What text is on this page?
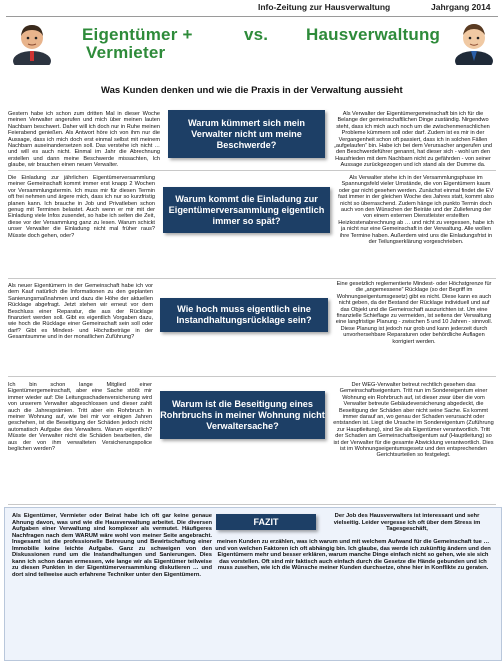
Info-Zeitung zur Hausverwaltung	Jahrgang 2014
Eigentümer +
Vermieter
vs. Hausverwaltung
Was Kunden denken und wie die Praxis in der Verwaltung aussieht
Gestern habe ich schon zum dritten Mal in dieser Woche meinen Verwalter angerufen und mich über meinen lauten Nachbarn beschwert. Daher will ich doch nur in Ruhe meinen Feierabend genießen. Als Antwort höre ich von ihm nur die Aussage, dass ich mich doch erst einmal selbst mit meinem Nachbarn auseinandersetzen soll. Das verstehe ich nicht … und will es auch nicht. Einmal im Jahr die Abrechnung erstellen und dann meine Beschwerde missachten, Ich glaube, wir brauchen einen neuen Verwalter.
Warum kümmert sich mein Verwalter nicht um meine Beschwerde?
Als Verwalter der Eigentümergemeinschaft bin ich für die Belange der gemeinschaftlichen Dinge zuständig. Nirgendwo steht, dass ich mich auch noch um die zwischenmenschlichen Probleme kümmern soll oder darf. Zudem ist es mir in der Vergangenheit schon oft passiert, dass ich in solchen Fällen „aufgelaufen“ bin. Habe ich bei dem Verursacher angerufen und den Beschwerdeführer genannt, hat dieser sich - wohl um den Hausfrieden mit dem Nachbarn nicht zu gefährden - von seiner Aussage zurückgezogen und ich stand als der Dumme da.
Die Einladung zur jährlichen Eigentümerversammlung meiner Gemeinschaft kommt immer erst knapp 2 Wochen vor Versammlungstermin. Ich muss mir für diesen Termin oft frei nehmen und ärgere mich, dass ich nur so kurzfristig planen kann. Ich brauche in Job und Privatleben schon genug mit Terminen belastet. Auch wenn er mir mit der Einladung viele Infos zusendet, so habe ich selten die Zeit, diese vor der Versammlung ganz zu lesen. Warum schickt unser Verwalter die Einladung nicht mal früher raus? Müsste doch gehen, oder?
Warum kommt die Einladung zur Eigentümerversammlung eigentlich immer so spät?
Als Verwalter stehe ich in der Versammlungsphase im Spannungsfeld vieler Umstände, die von Eigentümern kaum oder gar nicht gesehen werden. Zunächst einmal findet die EV fast immer in der gleichen Woche des Jahres statt, kommt also nicht so überraschend. Zudem hänge ich punkto Termin doch auch von den Wünschen der Beiräte und der Zulieferung der von einem externen Dienstleister erstellten Heizkostenabrechnung ab … und nicht zu vergessen, habe ich ja nicht nur eine Gemeinschaft in der Verwaltung. Alle wollen ihre Termine haben. Außerdem wird uns die Einladungsfrist in der Teilungserklärung vorgeschrieben.
Als neuer Eigentümern in der Gemeinschaft habe ich vor dem Kauf natürlich die Informationen zu den geplanten Sanierungsmaßnahmen und dazu die Höhe der aktuellen Rücklage abgefragt. Jetzt stehen wir erneut vor dem Beschluss einer Reparatur, die aus der Rücklage finanziert werden soll. Gibt es eigentlich Vorgaben dazu, wie hoch die Rücklage einer Gemeinschaft sein soll oder darf? Gibt es Mindest- und Höchstbeträge in der Gesamtsumme und in der monatlichen Zuführung?
Wie hoch muss eigentlich eine Instandhaltungsrücklage sein?
Eine gesetzlich reglementierte Mindest- oder Höchstgrenze für die „angemessene“ Rücklage (so der Begriff im Wohnungseigentumsgesetz) gibt es nicht. Diese kann es auch nicht geben, da der Bestand der Rücklage individuell und auf das Objekt und die Gemeinschaft auszurichten ist. Um eine finanzielle Schieflage zu vermeiden, ist seitens der Verwaltung eine langfristige Planung - zwischen 5 und 10 Jahren - sinnvoll. Diese Planung ist jedoch nur grob und kann jederzeit durch unvorhersehbare Reparaturen oder behördliche Auflagen korrigiert werden.
Ich bin schon lange Mitglied einer Eigentümergemeinschaft, aber eine Sache stößt mir immer wieder auf: Die Leitungsschadenversicherung wird von unserem Verwalter abgeschlossen und dieser zahlt auch die Jahresprämien. Tritt aber ein Rohrbruch in meiner Wohnung auf, wie bei mir vor einigen Jahren geschehen, ist die Beseitigung der Schäden jedoch nicht automatisch Aufgabe des Verwalters. Warum eigentlich? Müsste der Verwalter nicht die Schäden bearbeiten, die aus der von ihm verwalteten Versicherungspolice beglichen werden?
Warum ist die Beseitigung eines Rohrbruchs in meiner Wohnung nicht Verwaltersache?
Der WEG-Verwalter betreut rechtlich gesehen das Gemeinschaftseigentum. Tritt nun im Sondereigentum einer Wohnung ein Rohrbruch auf, ist dieser zwar über die vom Verwalter betreute Gebäudeversicherung abgedeckt, die Beseitigung der Schäden aber nicht seine Sache. Es kommt immer darauf an, wo genau der Schaden verursacht oder entstanden ist. Liegt die Ursache im Sondereigentum (Zuführung zur Hauptleitung), sind Sie als Eigentümer verantwortlich. Tritt der Schaden am Gemeinschaftseigentum auf (Hauptleitung) so ist der Verwalter für die gesamte Abwicklung verantwortlich. Dies ist im Wohnungseigentumsgesetz und den entsprechenden Gerichtsurteilen so festgelegt.
Als Eigentümer, Vermieter oder Beirat habe ich oft gar keine genaue Ahnung davon, was und wie die Hausverwaltung arbeitet. Die diversen Aufgaben einer Verwaltung sind komplexer als vermutet. Häufigeres Nachfragen nach dem WARUM wäre wohl von meiner Seite angebracht. Insgesamt ist die professionelle Betreuung und Bewirtschaftung einer Immobilie keine leichte Aufgabe. Ganz zu schweigen von den Diskussionen rund um die Instandhaltungen und Sanierungen. Dies kann ich schon daran ermessen, wie lange wir als Eigentümer teilweise zu diesen Punkten in der Eigentümerversammlung diskutieren … und dort sind teilweise auch erfahrene Techniker unter den Eigentümern.
FAZIT
Der Job des Hausverwalters ist interessant und sehr vielseitig. Leider vergesse ich oft über dem Stress im Tagesgeschäft,
meinen Kunden zu erzählen, was ich warum und mit welchem Aufwand für die Gemeinschaft tue … und von welchen Faktoren ich oft abhängig bin. Ich glaube, das werde ich zukünftig ändern und den Eigentümern mehr und besser erklären, warum manche Dinge einfach nicht so gehen, wie sie sich das vorstellen. Oft sind mir faktisch auch einfach durch die Gesetze die Hände gebunden und ich muss zusehen, wie ich die Wünsche meiner Kunden durchsetze, ohne hier in Konflikte zu geraten.
